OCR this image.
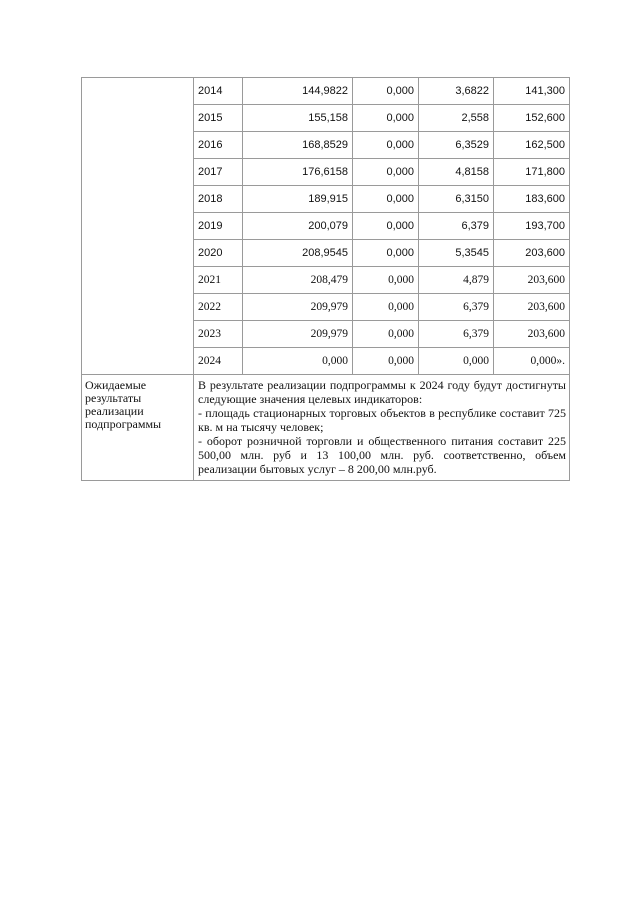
	2014	144,9822	0,000	3,6822	141,300
	2015	155,158	0,000	2,558	152,600
	2016	168,8529	0,000	6,3529	162,500
	2017	176,6158	0,000	4,8158	171,800
	2018	189,915	0,000	6,3150	183,600
	2019	200,079	0,000	6,379	193,700
	2020	208,9545	0,000	5,3545	203,600
	2021	208,479	0,000	4,879	203,600
	2022	209,979	0,000	6,379	203,600
	2023	209,979	0,000	6,379	203,600
	2024	0,000	0,000	0,000	0,000».
Ожидаемые результаты реализации подпрограммы	В результате реализации подпрограммы к 2024 году будут достигнуты следующие значения целевых индикаторов:
- площадь стационарных торговых объектов в республике составит 725 кв. м на тысячу человек;
- оборот розничной торговли и общественного питания составит 225 500,00 млн. руб и 13 100,00 млн. руб. соответственно, объем реализации бытовых услуг – 8 200,00 млн.руб.				
